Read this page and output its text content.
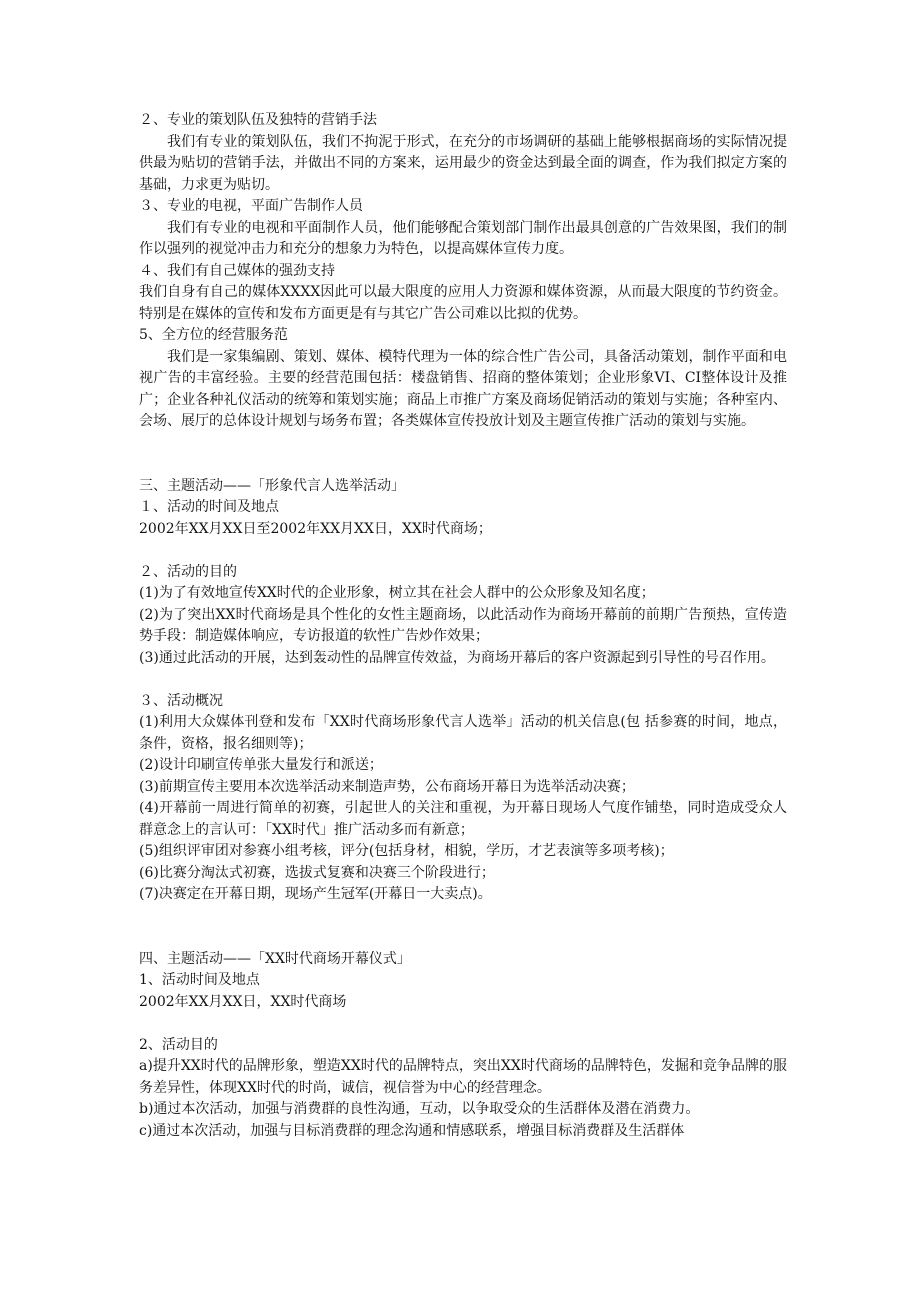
２、专业的策划队伍及独特的营销手法

我们有专业的策划队伍，我们不拘泥于形式，在充分的市场调研的基础上能够根据商场的实际情况提供最为贴切的营销手法，并做出不同的方案来，运用最少的资金达到最全面的调查，作为我们拟定方案的基础，力求更为贴切。

３、专业的电视，平面广告制作人员

我们有专业的电视和平面制作人员，他们能够配合策划部门制作出最具创意的广告效果图，我们的制作以强列的视觉冲击力和充分的想象力为特色，以提高媒体宣传力度。

４、我们有自己媒体的强劲支持

我们自身有自己的媒体XXXX因此可以最大限度的应用人力资源和媒体资源，从而最大限度的节约资金。特别是在媒体的宣传和发布方面更是有与其它广告公司难以比拟的优势。

5、全方位的经营服务范

我们是一家集编剧、策划、媒体、模特代理为一体的综合性广告公司，具备活动策划，制作平面和电视广告的丰富经验。主要的经营范围包括：楼盘销售、招商的整体策划；企业形象VI、CI整体设计及推广；企业各种礼仪活动的统筹和策划实施；商品上市推广方案及商场促销活动的策划与实施；各种室内、会场、展厅的总体设计规划与场务布置；各类媒体宣传投放计划及主题宣传推广活动的策划与实施。

三、主题活动——「形象代言人选举活动」

１、活动的时间及地点

2002年XX月XX日至2002年XX月XX日，XX时代商场；

２、活动的目的

(1)为了有效地宣传XX时代的企业形象，树立其在社会人群中的公众形象及知名度；

(2)为了突出XX时代商场是具个性化的女性主题商场，以此活动作为商场开幕前的前期广告预热，宣传造势手段：制造媒体响应，专访报道的软性广告炒作效果；

(3)通过此活动的开展，达到轰动性的品牌宣传效益，为商场开幕后的客户资源起到引导性的号召作用。

３、活动概况

(1)利用大众媒体刊登和发布「XX时代商场形象代言人选举」活动的机关信息(包 括参赛的时间，地点，条件，资格，报名细则等)；

(2)设计印刷宣传单张大量发行和派送；

(3)前期宣传主要用本次选举活动来制造声势，公布商场开幕日为选举活动决赛；

(4)开幕前一周进行简单的初赛，引起世人的关注和重视，为开幕日现场人气度作铺垫，同时造成受众人群意念上的言认可：「XX时代」推广活动多而有新意；

(5)组织评审团对参赛小组考核，评分(包括身材，相貌，学历，才艺表演等多项考核)；

(6)比赛分淘汰式初赛，选拔式复赛和决赛三个阶段进行；

(7)决赛定在开幕日期，现场产生冠军(开幕日一大卖点)。

四、主题活动——「XX时代商场开幕仪式」

1、活动时间及地点

2002年XX月XX日，XX时代商场

2、活动目的

a)提升XX时代的品牌形象，塑造XX时代的品牌特点，突出XX时代商场的品牌特色，发掘和竞争品牌的服务差异性，体现XX时代的时尚，诚信，视信誉为中心的经营理念。

b)通过本次活动，加强与消费群的良性沟通，互动，以争取受众的生活群体及潜在消费力。

c)通过本次活动，加强与目标消费群的理念沟通和情感联系，增强目标消费群及生活群体
